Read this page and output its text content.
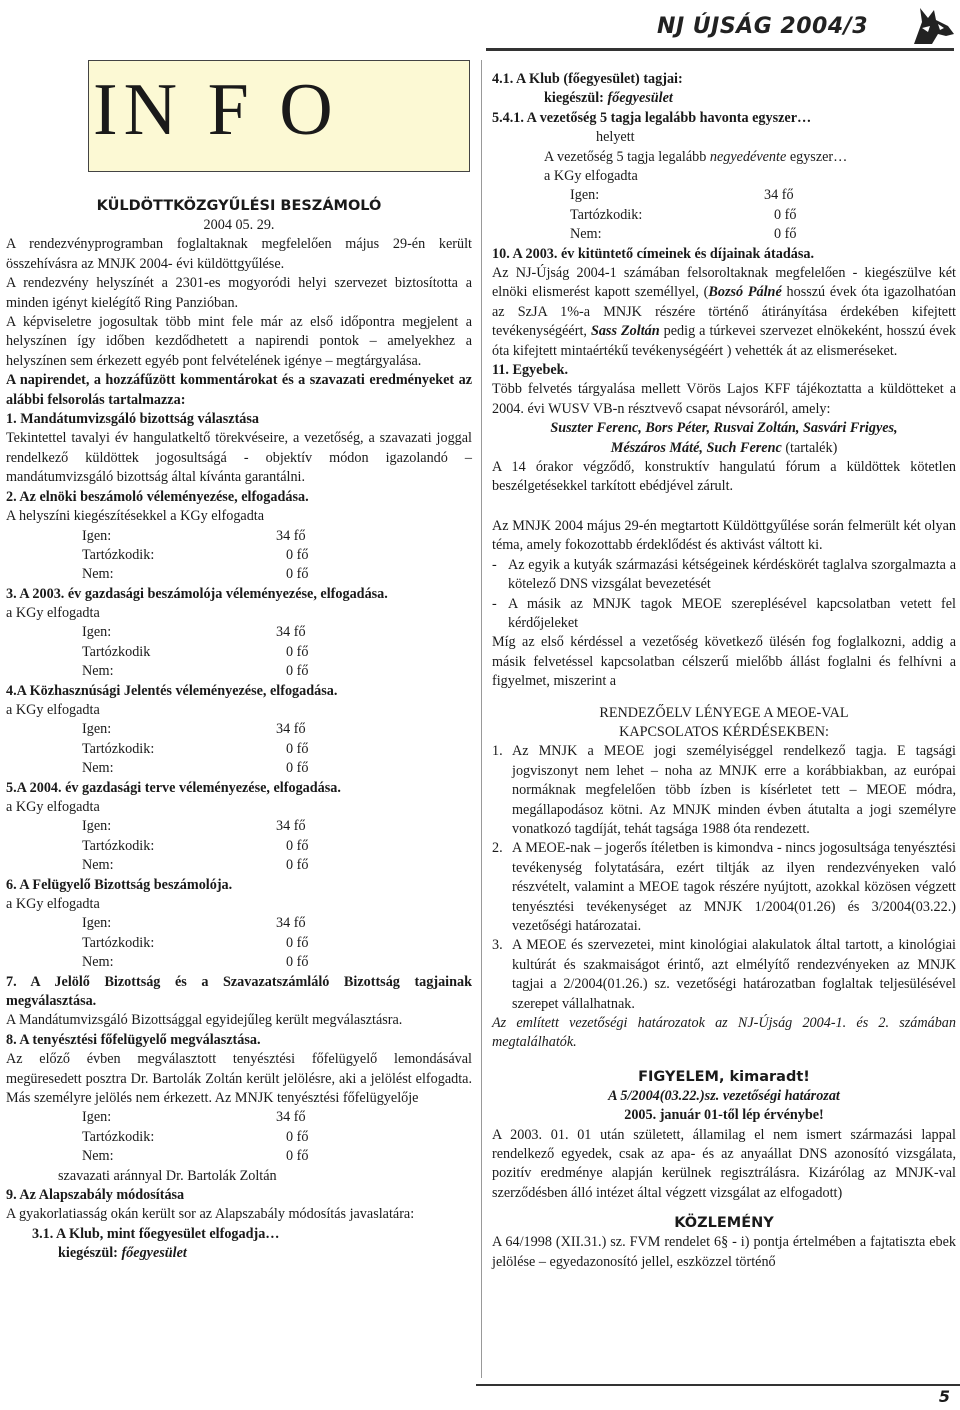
NJ ÚJSÁG 2004/3
IN F O
KÜLDÖTTKÖZGYŰLÉSI BESZÁMOLÓ

2004 05. 29.

A rendezvényprogramban foglaltaknak megfelelően május 29-én került összehívásra az MNJK 2004- évi küldöttgyűlése.

A rendezvény helyszínét a 2301-es mogyoródi helyi szervezet biztosította a minden igényt kielégítő Ring Panzióban.

A képviseletre jogosultak több mint fele már az első időpontra megjelent a helyszínen így időben kezdődhetett a napirendi pontok – amelyekhez a helyszínen sem érkezett egyéb pont felvételének igénye – megtárgyalása.

A napirendet, a hozzáfűzött kommentárokat és a szavazati eredményeket az alábbi felsorolás tartalmazza:

1. Mandátumvizsgáló bizottság választása

Tekintettel tavalyi év hangulatkeltő törekvéseire, a vezetőség, a szavazati joggal rendelkező küldöttek jogosultságá - objektív módon igazolandó – mandátumvizsgáló bizottság által kívánta garantálni.

2. Az elnöki beszámoló véleményezése, elfogadása.

A helyszíni kiegészítésekkel a KGy elfogadta

Igen:	34 fő
Tartózkodik:	0 fő
Nem:	0 fő

3. A 2003. év gazdasági beszámolója véleményezése, elfogadása.

a KGy elfogadta

Igen:	34 fő
Tartózkodik	0 fő
Nem:	0 fő

4.A Közhasznúsági Jelentés véleményezése, elfogadása.

a KGy elfogadta

Igen:	34 fő
Tartózkodik:	0 fő
Nem:	0 fő

5.A 2004. év gazdasági terve véleményezése, elfogadása.

a KGy elfogadta

Igen:	34 fő
Tartózkodik:	0 fő
Nem:	0 fő

6. A Felügyelő Bizottság beszámolója.

a KGy elfogadta

Igen:	34 fő
Tartózkodik:	0 fő
Nem:	0 fő

7. A Jelölő Bizottság és a Szavazatszámláló Bizottság tagjainak megválasztása.

A Mandátumvizsgáló Bizottsággal egyidejűleg került megválasztásra.

8. A tenyésztési főfelügyelő megválasztása.

Az előző évben megválasztott tenyésztési főfelügyelő lemondásával megüresedett posztra Dr. Bartolák Zoltán került jelölésre, aki a jelölést elfogadta. Más személyre jelölés nem érkezett. Az MNJK tenyésztési főfelügyelője

Igen:	34 fő
Tartózkodik:	0 fő
Nem:	0 fő

szavazati aránnyal Dr. Bartolák Zoltán

9. Az Alapszabály módosítása

A gyakorlatiasság okán került sor az Alapszabály módosítás javaslatára:

3.1. A Klub, mint főegyesület elfogadja…

kiegészül: főegyesület

4.1. A Klub (főegyesület) tagjai:

kiegészül: főegyesület

5.4.1. A vezetőség 5 tagja legalább havonta egyszer…

helyett

A vezetőség 5 tagja legalább negyedévente egyszer…

a KGy elfogadta

Igen:	34 fő
Tartózkodik:	0 fő
Nem:	0 fő

10. A 2003. év kitüntető címeinek és díjainak átadása.

Az NJ-Újság 2004-1 számában felsoroltaknak megfelelően - kiegészülve két elnöki elismerést kapott személlyel, (Bozsó Pálné hosszú évek óta igazolhatóan az SzJA 1%-a MNJK részére történő átirányítása érdekében kifejtett tevékenységéért, Sass Zoltán pedig a túrkevei szervezet elnökeként, hosszú évek óta kifejtett mintaértékű tevékenységéért ) vehették át az elismeréseket.

11. Egyebek.

Több felvetés tárgyalása mellett Vörös Lajos KFF tájékoztatta a küldötteket a 2004. évi WUSV VB-n résztvevő csapat névsoráról, amely:

Suszter Ferenc, Bors Péter, Rusvai Zoltán, Sasvári Frigyes,

Mészáros Máté, Such Ferenc (tartalék)

A 14 órakor végződő, konstruktív hangulatú fórum a küldöttek kötetlen beszélgetésekkel tarkított ebédjével zárult.

Az MNJK 2004 május 29-én megtartott Küldöttgyűlése során felmerült két olyan téma, amely fokozottabb érdeklődést és aktivást váltott ki.

- Az egyik a kutyák származási kétségeinek kérdéskörét taglalva szorgalmazta a kötelező DNS vizsgálat bevezetését
- A másik az MNJK tagok MEOE szereplésével kapcsolatban vetett fel kérdőjeleket

Míg az első kérdéssel a vezetőség következő ülésén fog foglalkozni, addig a másik felvetéssel kapcsolatban célszerű mielőbb állást foglalni és felhívni a figyelmet, miszerint a

RENDEZŐELV LÉNYEGE A MEOE-VAL

KAPCSOLATOS KÉRDÉSEKBEN:

1. Az MNJK a MEOE jogi személyiséggel rendelkező tagja. E tagsági jogviszonyt nem lehet – noha az MNJK erre a korábbiakban, az európai normáknak megfelelően több ízben is kísérletet tett – MEOE módra, megállapodásoz kötni. Az MNJK minden évben átutalta a jogi személyre vonatkozó tagdíját, tehát tagsága 1988 óta rendezett.
2. A MEOE-nak – jogerős ítéletben is kimondva - nincs jogosultsága tenyésztési tevékenység folytatására, ezért tiltják az ilyen rendezvényeken való részvételt, valamint a MEOE tagok részére nyújtott, azokkal közösen végzett tenyésztési tevékenységet az MNJK 1/2004(01.26) és 3/2004(03.22.) vezetőségi határozatai.
3. A MEOE és szervezetei, mint kinológiai alakulatok által tartott, a kinológiai kultúrát és szakmaiságot érintő, azt elmélyítő rendezvényeken az MNJK tagjai a 2/2004(01.26.) sz. vezetőségi határozatban foglaltak teljesülésével szerepet vállalhatnak.

Az említett vezetőségi határozatok az NJ-Újság 2004-1. és 2. számában megtalálhatók.

FIGYELEM, kimaradt!

A 5/2004(03.22.)sz. vezetőségi határozat

2005. január 01-től lép érvénybe!

A 2003. 01. 01 után született, államilag el nem ismert származási lappal rendelkező egyedek, csak az apa- és az anyaállat DNS azonosító vizsgálata, pozitív eredménye alapján kerülnek regisztrálásra. Kizárólag az MNJK-val szerződésben álló intézet által végzett vizsgálat az elfogadott)

KÖZLEMÉNY

A 64/1998 (XII.31.) sz. FVM rendelet 6§ - i) pontja értelmében a fajtatiszta ebek jelölése – egyedazonosító jellel, eszközzel történő

5
